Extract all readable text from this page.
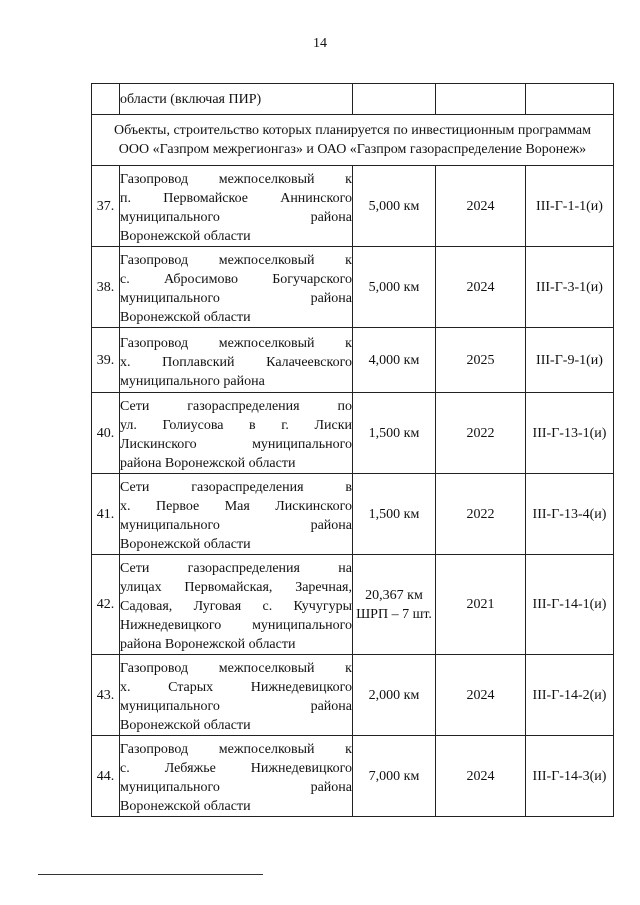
14
	области (включая ПИР)			
Объекты, строительство которых планируется по инвестиционным программам ООО «Газпром межрегионгаз» и ОАО «Газпром газораспределение Воронеж»				
37.	Газопровод межпоселковый к
п. Первомайское Аннинского
муниципального района
Воронежской области	5,000 км	2024	III-Г-1-1(и)
38.	Газопровод межпоселковый к
с. Абросимово Богучарского
муниципального района
Воронежской области	5,000 км	2024	III-Г-3-1(и)
39.	Газопровод межпоселковый к
х. Поплавский Калачеевского
муниципального района	4,000 км	2025	III-Г-9-1(и)
40.	Сети газораспределения по
ул. Голиусова в г. Лиски
Лискинского муниципального
района Воронежской области	1,500 км	2022	III-Г-13-1(и)
41.	Сети газораспределения в
х. Первое Мая Лискинского
муниципального района
Воронежской области	1,500 км	2022	III-Г-13-4(и)
42.	Сети газораспределения на
улицах Первомайская, Заречная,
Садовая, Луговая с. Кучугуры
Нижнедевицкого муниципального
района Воронежской области	20,367 км ШРП – 7 шт.	2021	III-Г-14-1(и)
43.	Газопровод межпоселковый к
х. Старых Нижнедевицкого
муниципального района
Воронежской области	2,000 км	2024	III-Г-14-2(и)
44.	Газопровод межпоселковый к
с. Лебяжье Нижнедевицкого
муниципального района
Воронежской области	7,000 км	2024	III-Г-14-3(и)
